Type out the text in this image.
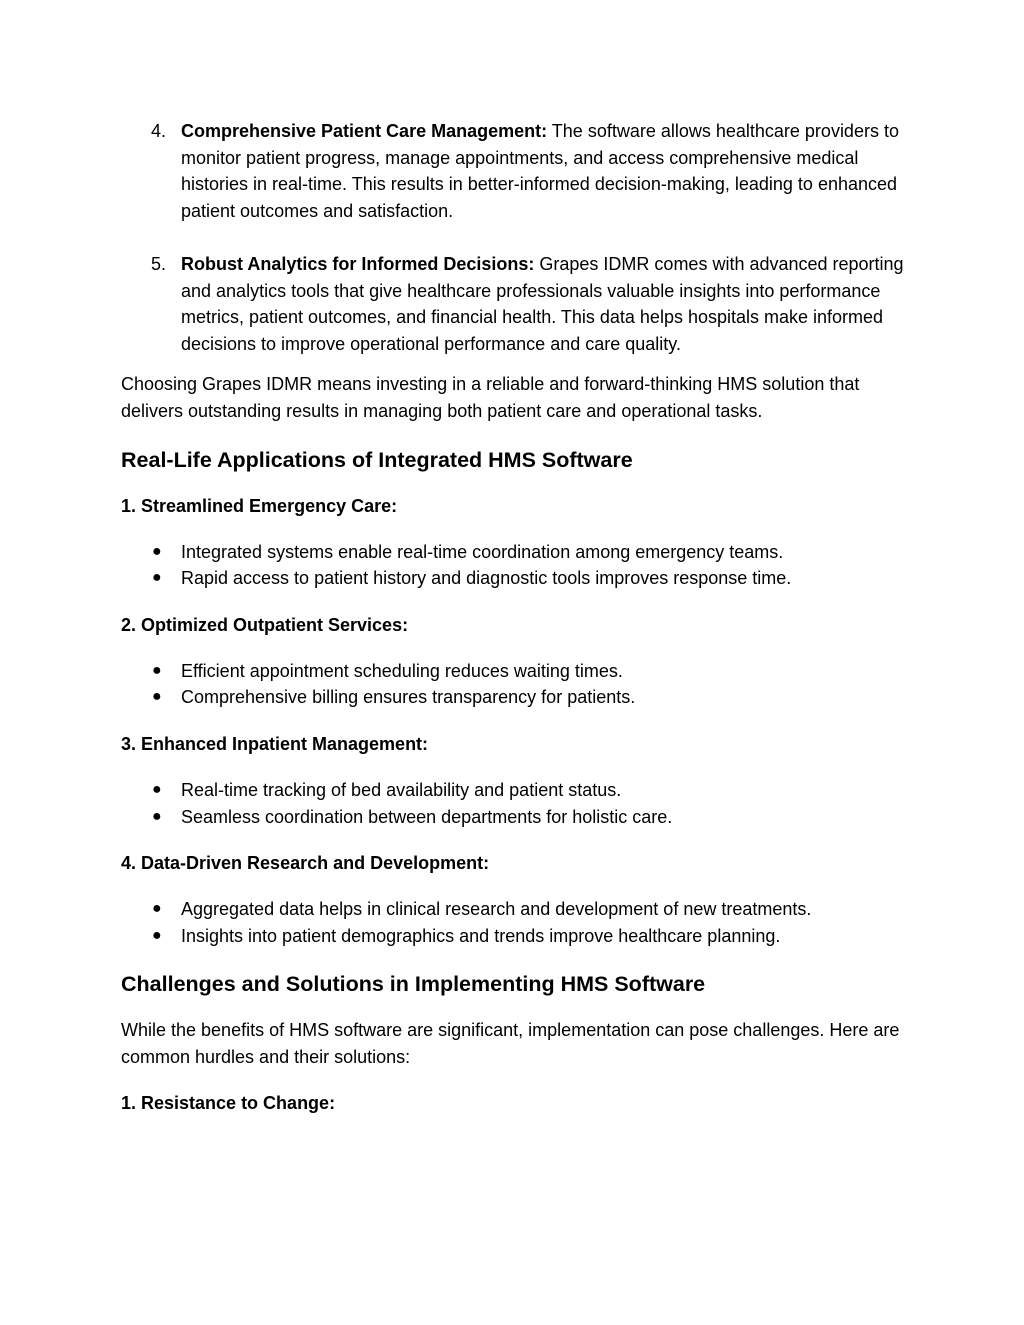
4. Comprehensive Patient Care Management: The software allows healthcare providers to monitor patient progress, manage appointments, and access comprehensive medical histories in real-time. This results in better-informed decision-making, leading to enhanced patient outcomes and satisfaction.
5. Robust Analytics for Informed Decisions: Grapes IDMR comes with advanced reporting and analytics tools that give healthcare professionals valuable insights into performance metrics, patient outcomes, and financial health. This data helps hospitals make informed decisions to improve operational performance and care quality.

Choosing Grapes IDMR means investing in a reliable and forward-thinking HMS solution that delivers outstanding results in managing both patient care and operational tasks.

Real-Life Applications of Integrated HMS Software
1. Streamlined Emergency Care:
● Integrated systems enable real-time coordination among emergency teams.
● Rapid access to patient history and diagnostic tools improves response time.
2. Optimized Outpatient Services:
● Efficient appointment scheduling reduces waiting times.
● Comprehensive billing ensures transparency for patients.
3. Enhanced Inpatient Management:
● Real-time tracking of bed availability and patient status.
● Seamless coordination between departments for holistic care.
4. Data-Driven Research and Development:
● Aggregated data helps in clinical research and development of new treatments.
● Insights into patient demographics and trends improve healthcare planning.
Challenges and Solutions in Implementing HMS Software

While the benefits of HMS software are significant, implementation can pose challenges. Here are common hurdles and their solutions:

1. Resistance to Change:
